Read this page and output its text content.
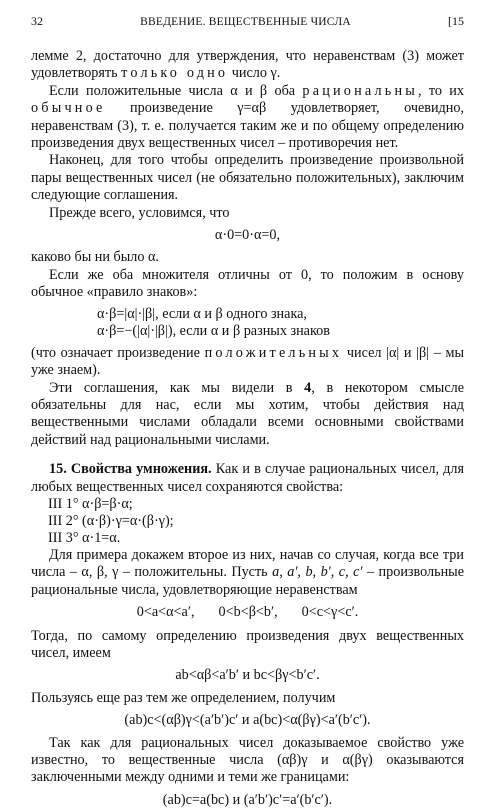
32	ВВЕДЕНИЕ. ВЕЩЕСТВЕННЫЕ ЧИСЛА	[15

лемме 2, достаточно для утверждения, что неравенствам (3) может удовлетворять только одно число γ.

Если положительные числа α и β оба рациональны, то их обычное произведение γ=αβ удовлетворяет, очевидно, неравенствам (3), т. е. получается таким же и по общему определению произведения двух вещественных чисел – противоречия нет.

Наконец, для того чтобы определить произведение произвольной пары вещественных чисел (не обязательно положительных), заключим следующие соглашения.

Прежде всего, условимся, что

α·0=0·α=0,

каково бы ни было α.

Если же оба множителя отличны от 0, то положим в основу обычное «правило знаков»:

α·β=|α|·|β|, если α и β одного знака,
α·β=−(|α|·|β|), если α и β разных знаков

(что означает произведение положительных чисел |α| и |β| – мы уже знаем).

Эти соглашения, как мы видели в 4, в некотором смысле обязательны для нас, если мы хотим, чтобы действия над вещественными числами обладали всеми основными свойствами действий над рациональными числами.

15. Свойства умножения. Как и в случае рациональных чисел, для любых вещественных чисел сохраняются свойства:

III 1° α·β=β·α;
III 2° (α·β)·γ=α·(β·γ);
III 3° α·1=α.

Для примера докажем второе из них, начав со случая, когда все три числа – α, β, γ – положительны. Пусть a, a′, b, b′, c, c′ – произвольные рациональные числа, удовлетворяющие неравенствам

0<a<α<a′, 0<b<β<b′, 0<c<γ<c′.

Тогда, по самому определению произведения двух вещественных чисел, имеем

ab<αβ<a′b′ и bc<βγ<b′c′.

Пользуясь еще раз тем же определением, получим

(ab)c<(αβ)γ<(a′b′)c′ и a(bc)<α(βγ)<a′(b′c′).

Так как для рациональных чисел доказываемое свойство уже известно, то вещественные числа (αβ)γ и α(βγ) оказываются заключенными между одними и теми же границами:

(ab)c=a(bc) и (a′b′)c′=a′(b′c′).
